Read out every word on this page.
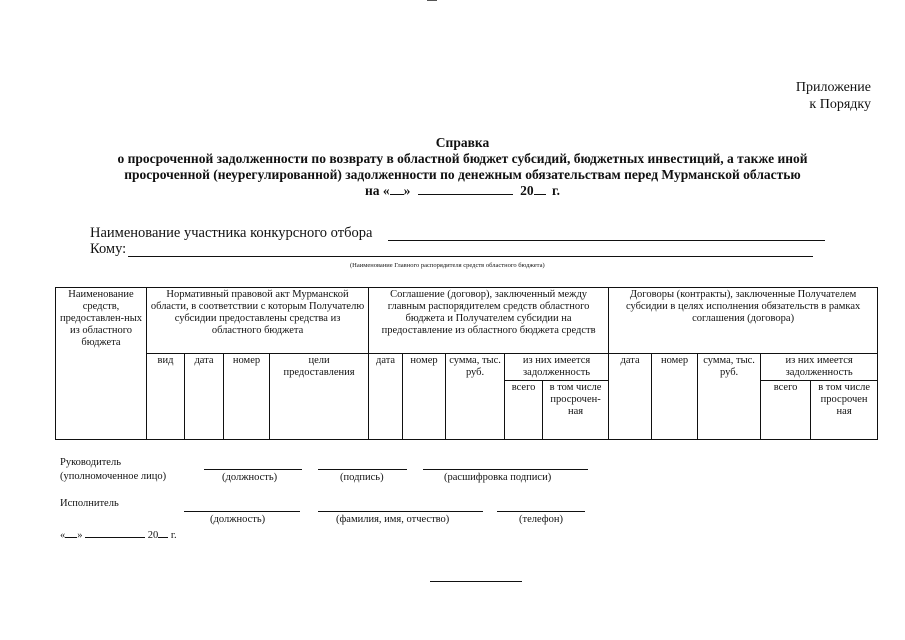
Приложение
к Порядку
Справка
о просроченной задолженности по возврату в областной бюджет субсидий, бюджетных инвестиций, а также иной
просроченной (неурегулированной) задолженности по денежным обязательствам перед Мурманской областью
на « »	20 г.
Наименование участника конкурсного отбора
Кому:
(Наименование Главного распорядителя средств областного бюджета)
Наименование средств, предоставлен-ных из областного бюджета	Нормативный правовой акт Мурманской области, в соответствии с которым Получателю субсидии предоставлены средства из областного бюджета				Соглашение (договор), заключенный между главным распорядителем средств областного бюджета и Получателем субсидии на предоставление из областного бюджета средств					Договоры (контракты), заключенные Получателем субсидии в целях исполнения обязательств в рамках соглашения (договора)				
	вид	дата	номер	цели предоставления	дата	номер	сумма, тыс. руб.	из них имеется задолженность		дата	номер	сумма, тыс. руб.	из них имеется задолженность	
								всего	в том числе просрочен-ная				всего	в том числе просрочен ная
Руководитель
(уполномоченное лицо)	(должность)	(подпись)	(расшифровка подписи)
Исполнитель
(должность)	(фамилия, имя, отчество)	(телефон)
« »	20 г.
